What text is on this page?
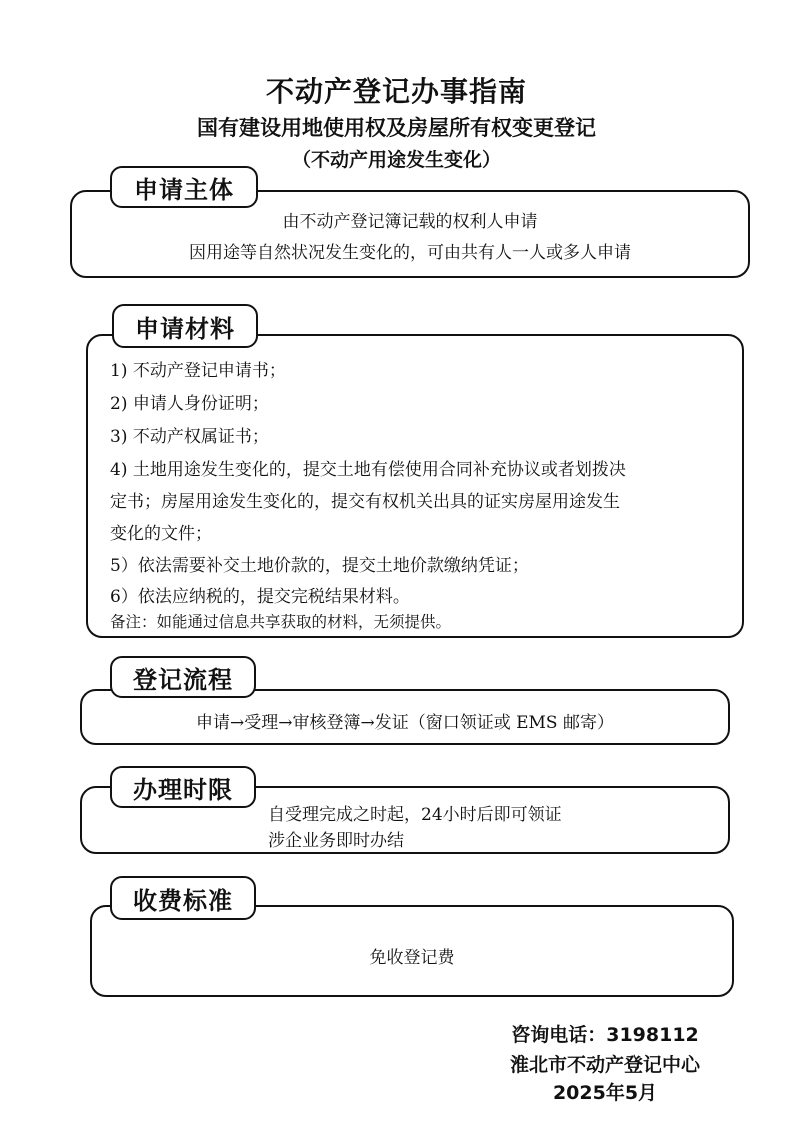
不动产登记办事指南
国有建设用地使用权及房屋所有权变更登记
（不动产用途发生变化）
由不动产登记簿记载的权利人申请
因用途等自然状况发生变化的，可由共有人一人或多人申请
申请主体
1) 不动产登记申请书；
2) 申请人身份证明；
3) 不动产权属证书；
4) 土地用途发生变化的，提交土地有偿使用合同补充协议或者划拨决
定书；房屋用途发生变化的，提交有权机关出具的证实房屋用途发生
变化的文件；
5）依法需要补交土地价款的，提交土地价款缴纳凭证；
6）依法应纳税的，提交完税结果材料。
备注：如能通过信息共享获取的材料，无须提供。
申请材料
申请→受理→审核登簿→发证（窗口领证或 EMS 邮寄）
登记流程
自受理完成之时起，24小时后即可领证
涉企业务即时办结
办理时限
免收登记费
收费标准
咨询电话：3198112
淮北市不动产登记中心
2025年5月
